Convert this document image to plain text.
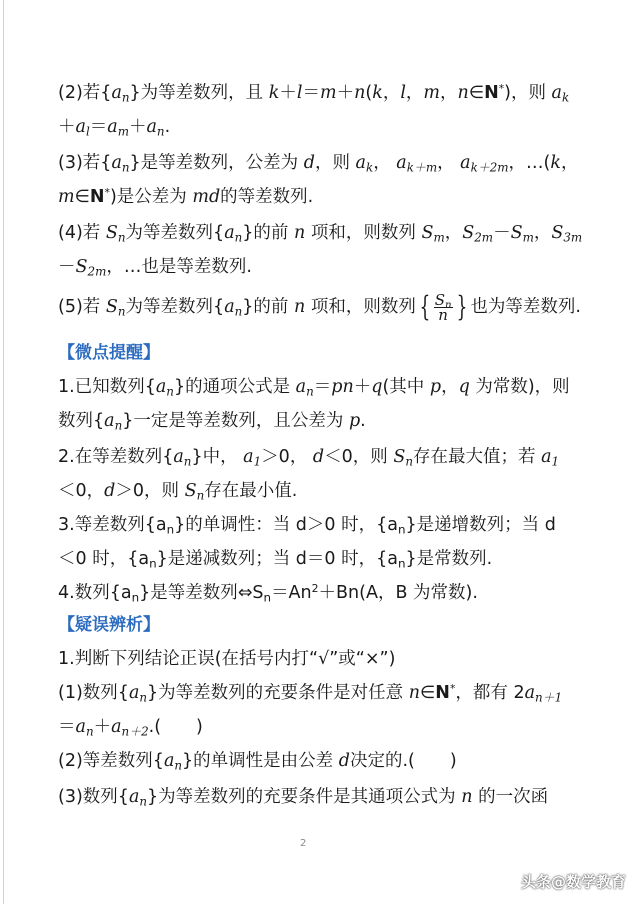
(2)若$\{a_n\}$为等差数列，且 k＋l＝m＋n(k，l，m，n∈N*)，则 $a_k$
$+a_l=a_m+a_n$.
(3)若$\{a_n\}$是等差数列，公差为 d，则 $a_k$， $a_{k+m}$， $a_{k+2m}$，…(k，
m∈N*)是公差为 md的等差数列.
(4)若 $S_n$为等差数列$\{a_n\}$的前 n 项和，则数列 $S_m$，$S_{2m}-S_m$，$S_{3m}$
$-S_{2m}$，…也是等差数列.
(5)若 $S_n$为等差数列$\{a_n\}$的前 n 项和，则数列 { $\frac{S_n}{n}$ } 也为等差数列.
【微点提醒】
1.已知数列$\{a_n\}$的通项公式是 $a_n=pn+q$(其中 p，q 为常数)，则
数列$\{a_n\}$一定是等差数列，且公差为 p.
2.在等差数列$\{a_n\}$中， $a_1>0$， d＜0，则 $S_n$存在最大值；若 $a_1$
＜0，d＞0，则 $S_n$存在最小值.
3.等差数列$\{a_n\}$的单调性：当 d＞0 时，$\{a_n\}$是递增数列；当 d
＜0 时，$\{a_n\}$是递减数列；当 d＝0 时，$\{a_n\}$是常数列.
4.数列$\{a_n\}$是等差数列$\Leftrightarrow S_n=An^2+Bn(A$，B 为常数).
【疑误辨析】
1.判断下列结论正误(在括号内打“√”或“×”)
(1)数列$\{a_n\}$为等差数列的充要条件是对任意 n∈N*，都有 $2a_{n+1}$
$=a_n+a_{n+2}$.(　　)
(2)等差数列$\{a_n\}$的单调性是由公差 d决定的.(　　)
(3)数列$\{a_n\}$为等差数列的充要条件是其通项公式为 n 的一次函
2
头条@数学教育
